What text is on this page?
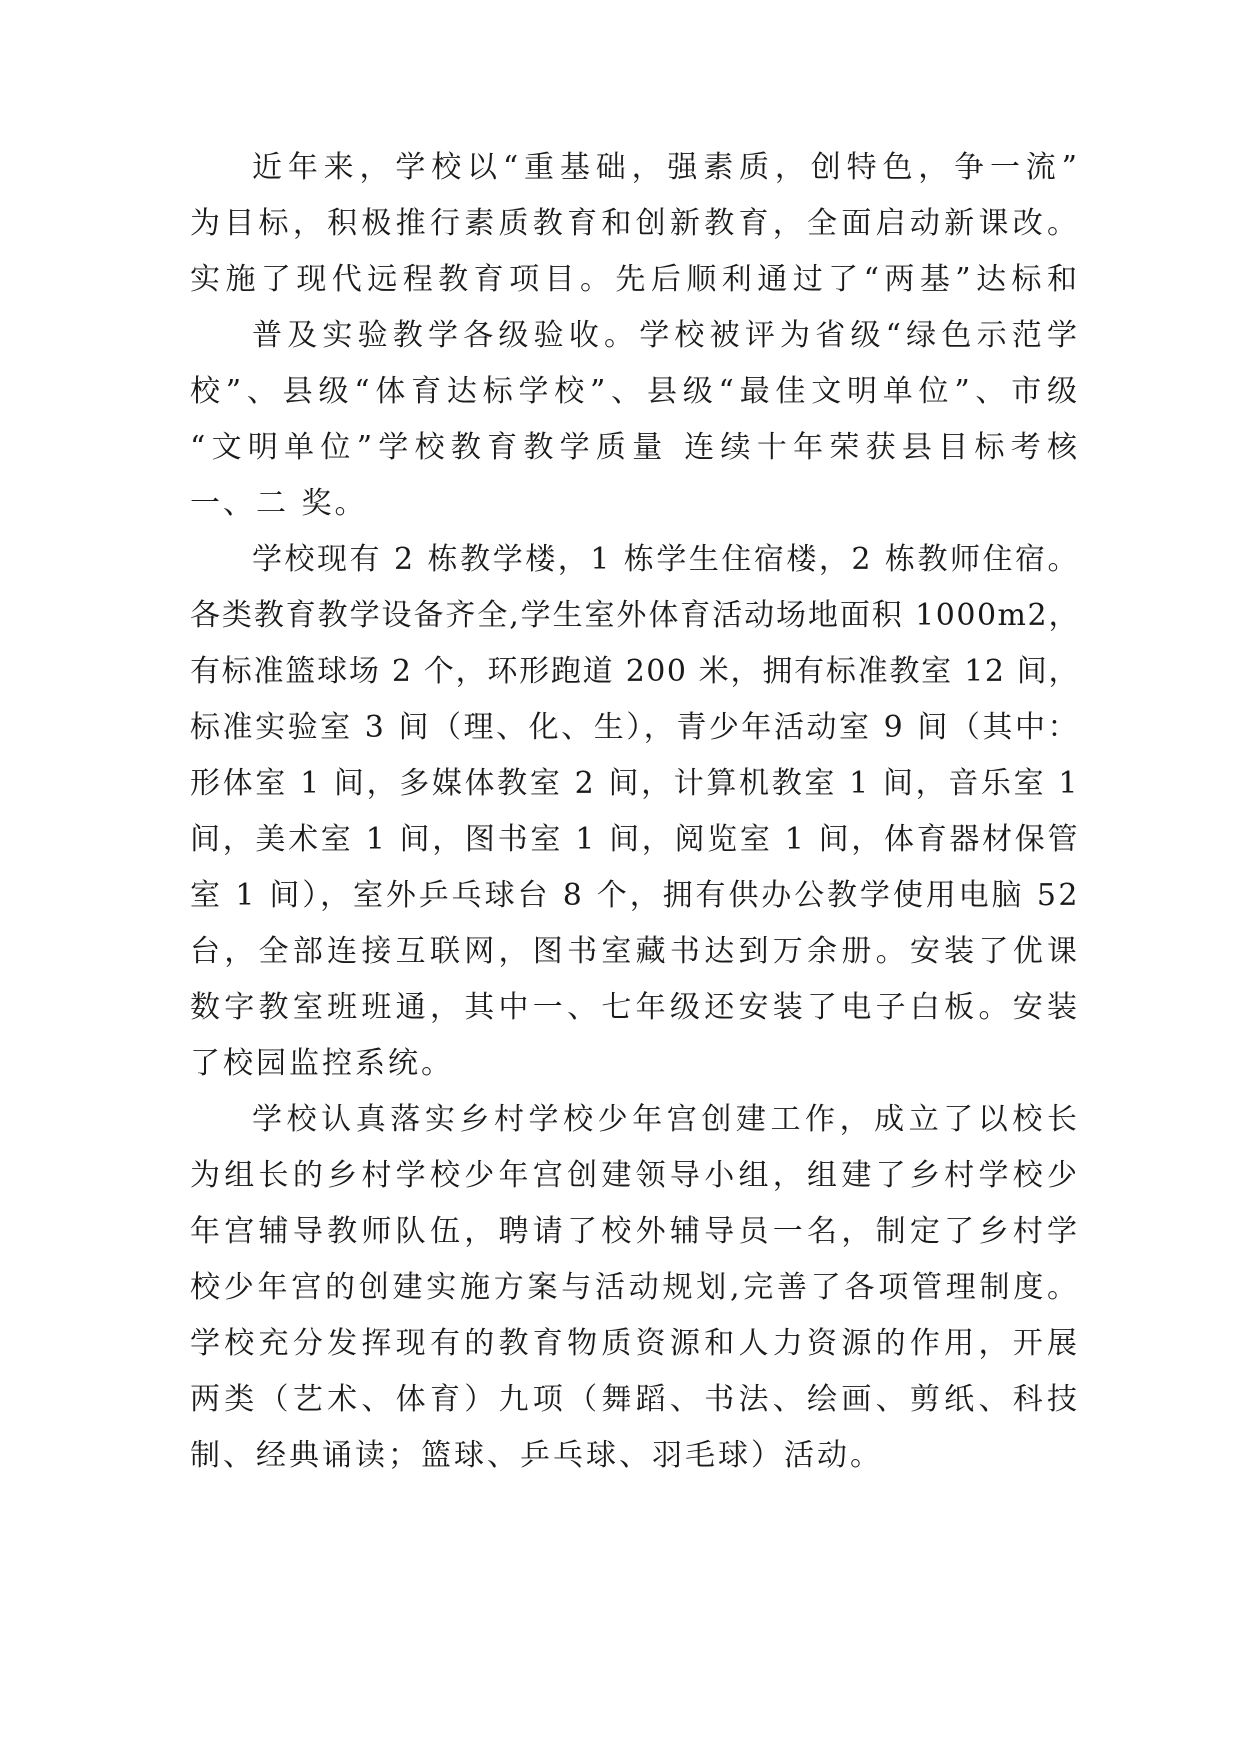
近年来，学校以“重基础，强素质，创特色，争一流”
为目标，积极推行素质教育和创新教育，全面启动新课改。
实施了现代远程教育项目。先后顺利通过了“两基”达标和
普及实验教学各级验收。学校被评为省级“绿色示范学
校”、县级“体育达标学校”、县级“最佳文明单位”、市级
“文明单位”学校教育教学质量 连续十年荣获县目标考核
一、二 奖。
学校现有 2 栋教学楼，1 栋学生住宿楼，2 栋教师住宿。
各类教育教学设备齐全,学生室外体育活动场地面积 1000m2，
有标准篮球场 2 个，环形跑道 200 米，拥有标准教室 12 间，
标准实验室 3 间（理、化、生），青少年活动室 9 间（其中：
形体室 1 间，多媒体教室 2 间，计算机教室 1 间，音乐室 1
间，美术室 1 间，图书室 1 间，阅览室 1 间，体育器材保管
室 1 间），室外乒乓球台 8 个，拥有供办公教学使用电脑 52
台，全部连接互联网，图书室藏书达到万余册。安装了优课
数字教室班班通，其中一、七年级还安装了电子白板。安装
了校园监控系统。
学校认真落实乡村学校少年宫创建工作，成立了以校长
为组长的乡村学校少年宫创建领导小组，组建了乡村学校少
年宫辅导教师队伍，聘请了校外辅导员一名，制定了乡村学
校少年宫的创建实施方案与活动规划,完善了各项管理制度。
学校充分发挥现有的教育物质资源和人力资源的作用，开展
两类（艺术、体育）九项（舞蹈、书法、绘画、剪纸、科技
制、经典诵读；篮球、乒乓球、羽毛球）活动。
